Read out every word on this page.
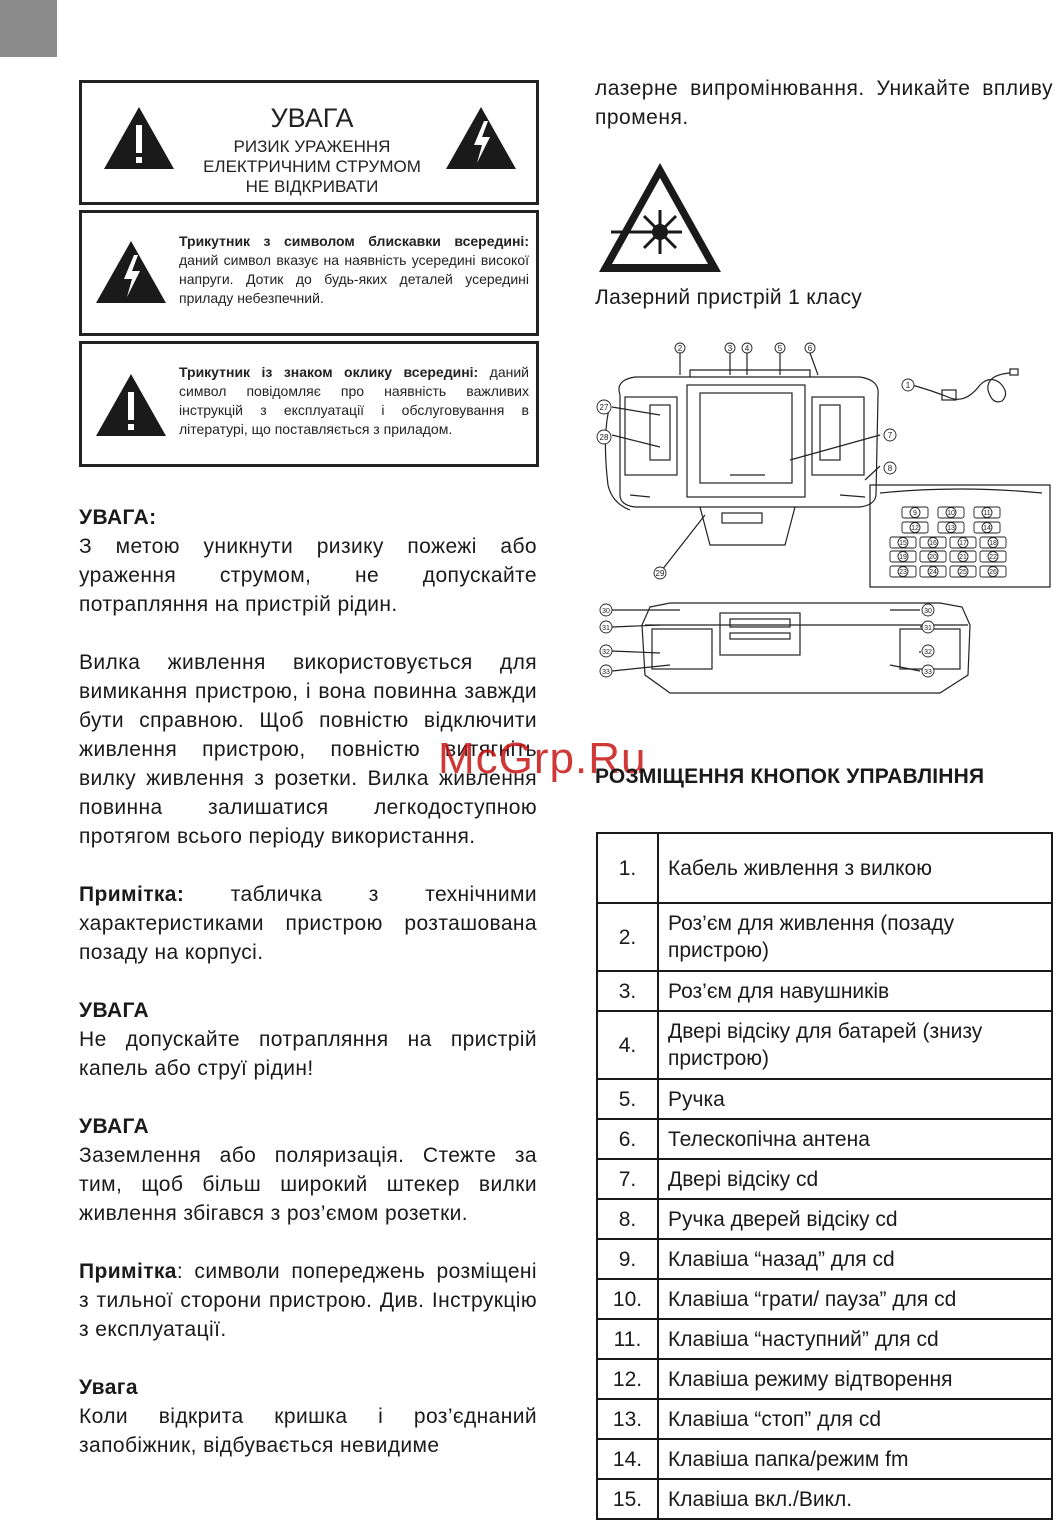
УВАГА
РИЗИК УРАЖЕННЯ
ЕЛЕКТРИЧНИМ СТРУМОМ
НЕ ВІДКРИВАТИ
Трикутник з символом блискавки всередині: даний символ вказує на наявність усередині високої напруги. Дотик до будь-яких деталей усередині приладу небезпечний.
Трикутник із знаком оклику всередині: даний символ повідомляє про наявність важливих інструкцій з експлуатації і обслуговування в літературі, що поставляється з приладом.

УВАГА:
З метою уникнути ризику пожежі або ураження струмом, не допускайте потрапляння на пристрій рідин.

Вилка живлення використовується для вимикання пристрою, і вона повинна завжди бути справною. Щоб повністю відключити живлення пристрою, повністю витягніть вилку живлення з розетки. Вилка живлення повинна залишатися легкодоступною протягом всього періоду використання.

Примітка: табличка з технічними характеристиками пристрою розташована позаду на корпусі.

УВАГА
Не допускайте потрапляння на пристрій капель або струї рідин!

УВАГА
Заземлення або поляризація. Стежте за тим, щоб більш широкий штекер вилки живлення збігався з роз’ємом розетки.

Примітка: символи попереджень розміщені з тильної сторони пристрою. Див. Інструкцію з експлуатації.

Увага
Коли відкрита кришка і роз’єднаний запобіжник, відбувається невидиме

лазерне випромінювання. Уникайте впливу променя.
Лазерний пристрій 1 класу
2	3 4	5	6
1
27
28	7
8
29
9	10	11
12	13	14
15	16	17	18
19	20	21	22
23	24	25	26
30
31
32
33
30
31
32
33
McGrp.Ru
РОЗМІЩЕННЯ КНОПОК УПРАВЛІННЯ
1.	Кабель живлення з вилкою
2.	Роз’єм для живлення (позаду пристрою)
3.	Роз’єм для навушників
4.	Двері відсіку для батарей (знизу пристрою)
5.	Ручка
6.	Телескопічна антена
7.	Двері відсіку cd
8.	Ручка дверей відсіку cd
9.	Клавіша “назад” для cd
10.	Клавіша “грати/ пауза” для cd
11.	Клавіша “наступний” для cd
12.	Клавіша режиму відтворення
13.	Клавіша “стоп” для cd
14.	Клавіша папка/режим fm
15.	Клавіша вкл./Викл.
